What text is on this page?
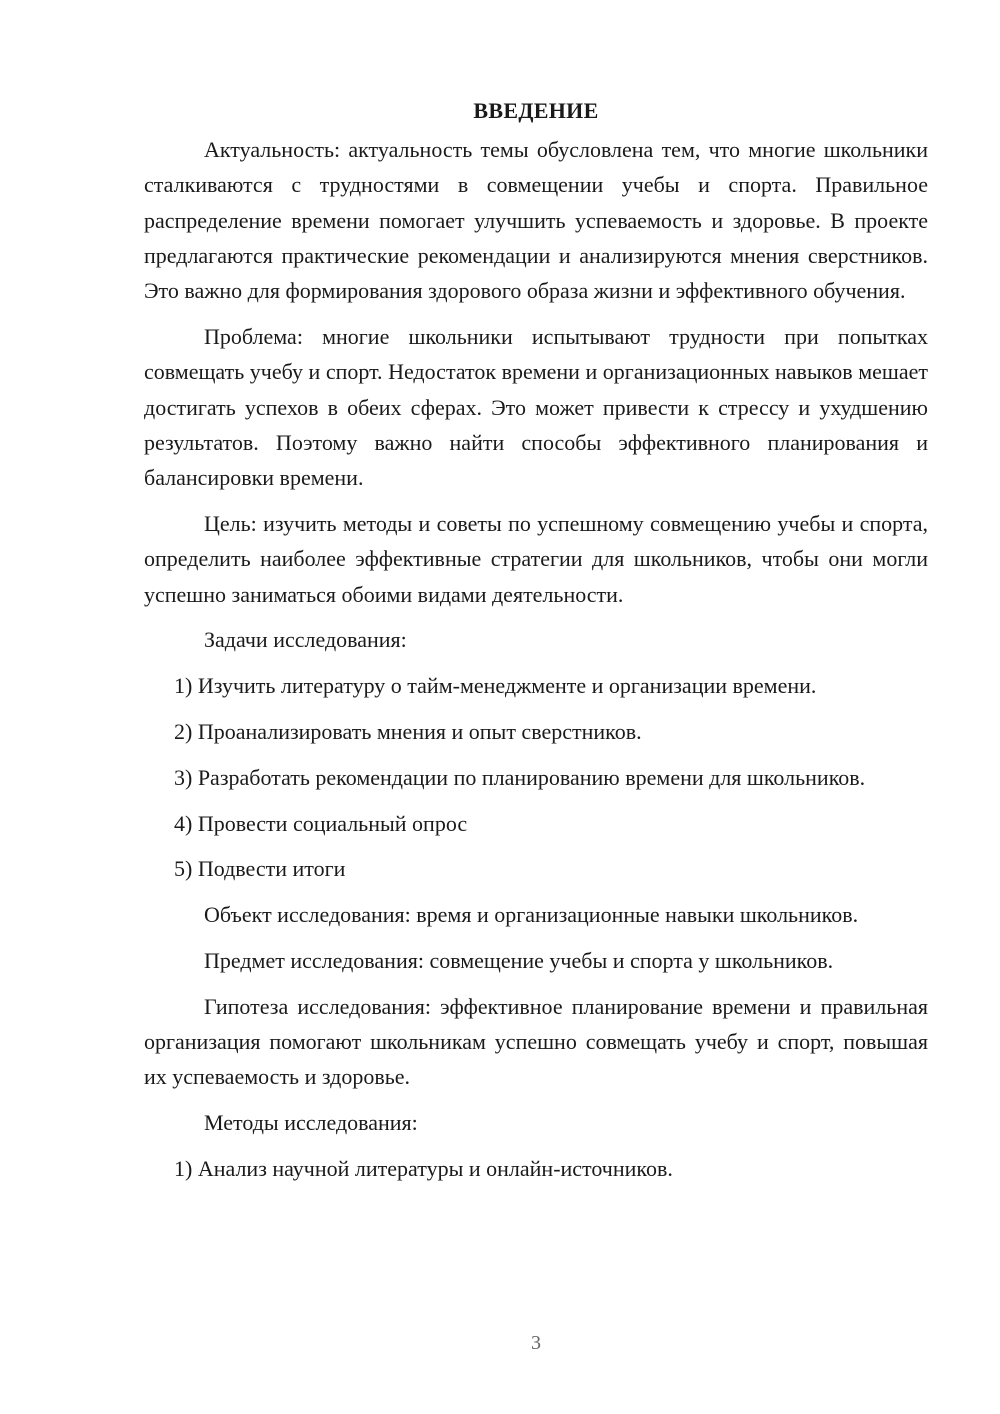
ВВЕДЕНИЕ

Актуальность: актуальность темы обусловлена тем, что многие школьники сталкиваются с трудностями в совмещении учебы и спорта. Правильное распределение времени помогает улучшить успеваемость и здоровье. В проекте предлагаются практические рекомендации и анализируются мнения сверстников. Это важно для формирования здорового образа жизни и эффективного обучения.

Проблема: многие школьники испытывают трудности при попытках совмещать учебу и спорт. Недостаток времени и организационных навыков мешает достигать успехов в обеих сферах. Это может привести к стрессу и ухудшению результатов. Поэтому важно найти способы эффективного планирования и балансировки времени.

Цель: изучить методы и советы по успешному совмещению учебы и спорта, определить наиболее эффективные стратегии для школьников, чтобы они могли успешно заниматься обоими видами деятельности.

Задачи исследования:

1) Изучить литературу о тайм-менеджменте и организации времени.

2) Проанализировать мнения и опыт сверстников.

3) Разработать рекомендации по планированию времени для школьников.

4) Провести социальный опрос

5) Подвести итоги

Объект исследования: время и организационные навыки школьников.

Предмет исследования: совмещение учебы и спорта у школьников.

Гипотеза исследования: эффективное планирование времени и правильная организация помогают школьникам успешно совмещать учебу и спорт, повышая их успеваемость и здоровье.

Методы исследования:

1) Анализ научной литературы и онлайн-источников.

3
